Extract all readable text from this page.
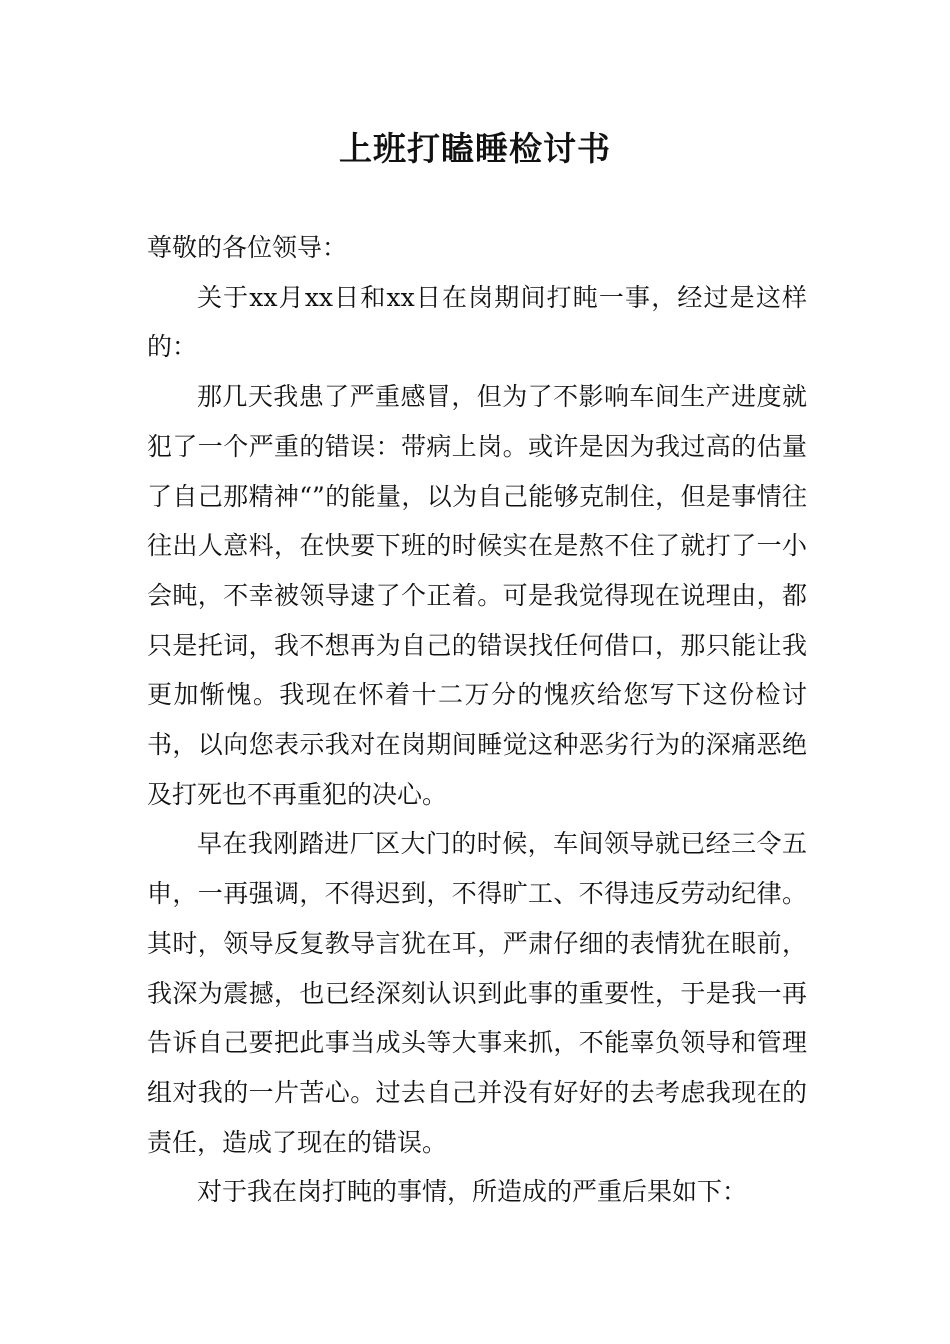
上班打瞌睡检讨书

尊敬的各位领导：

关于xx月xx日和xx日在岗期间打盹一事，经过是这样的：

那几天我患了严重感冒，但为了不影响车间生产进度就犯了一个严重的错误：带病上岗。或许是因为我过高的估量了自己那精神“”的能量，以为自己能够克制住，但是事情往往出人意料，在快要下班的时候实在是熬不住了就打了一小会盹，不幸被领导逮了个正着。可是我觉得现在说理由，都只是托词，我不想再为自己的错误找任何借口，那只能让我更加惭愧。我现在怀着十二万分的愧疚给您写下这份检讨书，以向您表示我对在岗期间睡觉这种恶劣行为的深痛恶绝及打死也不再重犯的决心。

早在我刚踏进厂区大门的时候，车间领导就已经三令五申，一再强调，不得迟到，不得旷工、不得违反劳动纪律。其时，领导反复教导言犹在耳，严肃仔细的表情犹在眼前，我深为震撼，也已经深刻认识到此事的重要性，于是我一再告诉自己要把此事当成头等大事来抓，不能辜负领导和管理组对我的一片苦心。过去自己并没有好好的去考虑我现在的责任，造成了现在的错误。

对于我在岗打盹的事情，所造成的严重后果如下：
